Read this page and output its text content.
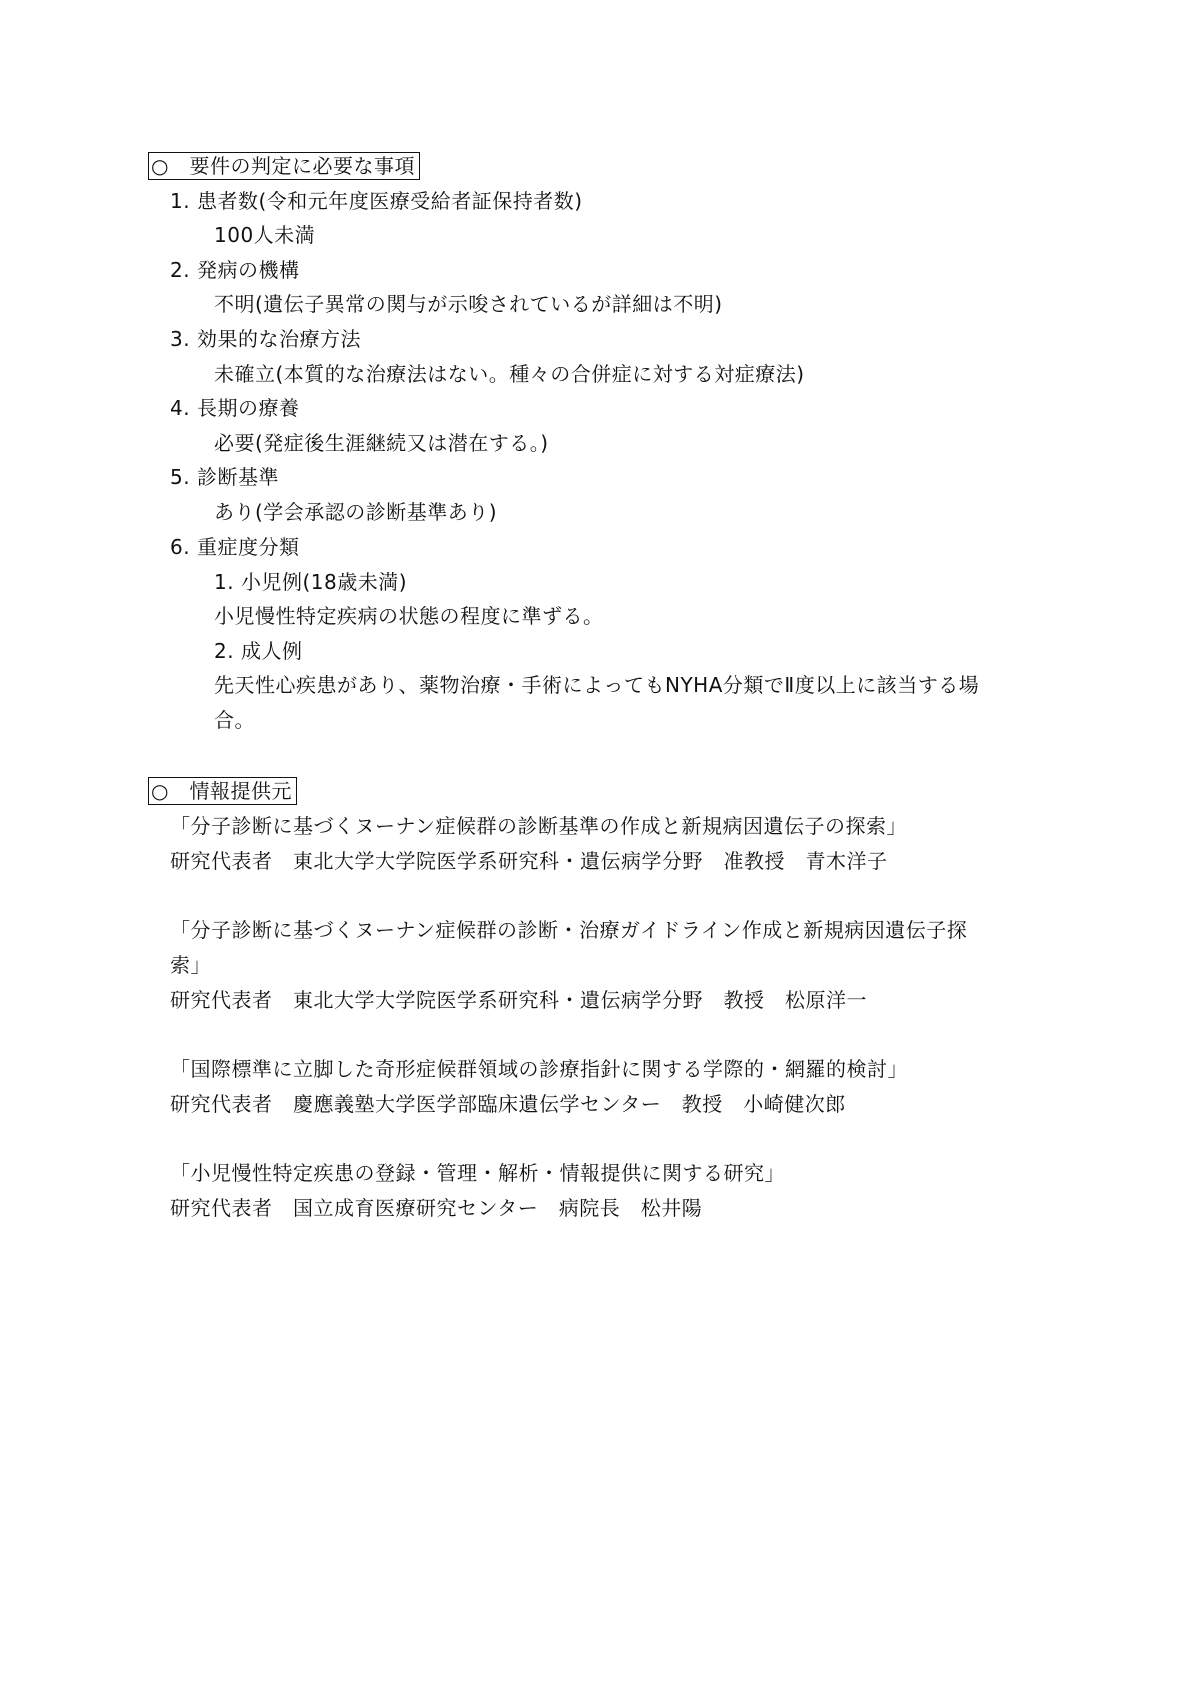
○　要件の判定に必要な事項
1. 患者数(令和元年度医療受給者証保持者数)
100人未満
2. 発病の機構
不明(遺伝子異常の関与が示唆されているが詳細は不明)
3. 効果的な治療方法
未確立(本質的な治療法はない。種々の合併症に対する対症療法)
4. 長期の療養
必要(発症後生涯継続又は潜在する。)
5. 診断基準
あり(学会承認の診断基準あり)
6. 重症度分類
1. 小児例(18歳未満)
小児慢性特定疾病の状態の程度に準ずる。
2. 成人例
先天性心疾患があり、薬物治療・手術によってもNYHA分類でⅡ度以上に該当する場
合。
○　情報提供元
「分子診断に基づくヌーナン症候群の診断基準の作成と新規病因遺伝子の探索」
研究代表者　東北大学大学院医学系研究科・遺伝病学分野　准教授　青木洋子
「分子診断に基づくヌーナン症候群の診断・治療ガイドライン作成と新規病因遺伝子探
索」
研究代表者　東北大学大学院医学系研究科・遺伝病学分野　教授　松原洋一
「国際標準に立脚した奇形症候群領域の診療指針に関する学際的・網羅的検討」
研究代表者　慶應義塾大学医学部臨床遺伝学センター　教授　小崎健次郎
「小児慢性特定疾患の登録・管理・解析・情報提供に関する研究」
研究代表者　国立成育医療研究センター　病院長　松井陽
